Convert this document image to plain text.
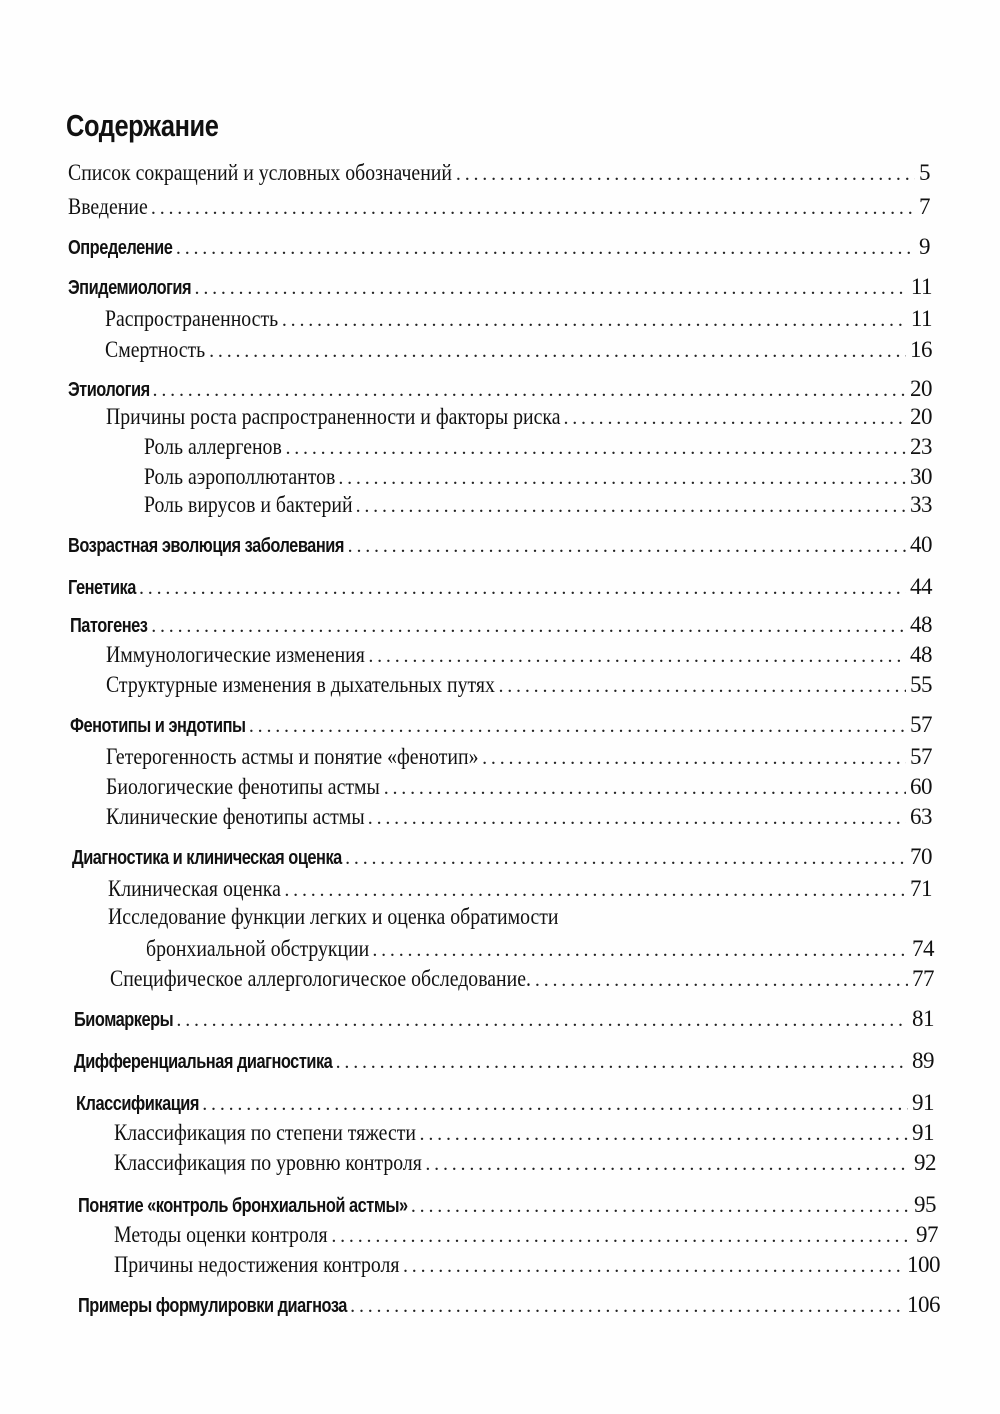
Содержание
Список сокращений и условных обозначений . . .	5
Введение . . .	7
Определение . . .	9
Эпидемиология . . .	11
Распространенность . . .	11
Смертность . . .	16
Этиология . . .	20
Причины роста распространенности и факторы риска . . .	20
Роль аллергенов . . .	23
Роль аэрополлютантов . . .	30
Роль вирусов и бактерий . . .	33
Возрастная эволюция заболевания . . .	40
Генетика . . .	44
Патогенез . . .	48
Иммунологические изменения . . .	48
Структурные изменения в дыхательных путях . . .	55
Фенотипы и эндотипы . . .	57
Гетерогенность астмы и понятие «фенотип» . . .	57
Биологические фенотипы астмы . . .	60
Клинические фенотипы астмы . . .	63
Диагностика и клиническая оценка . . .	70
Клиническая оценка . . .	71
Исследование функции легких и оценка обратимости
бронхиальной обструкции . . .	74
Специфическое аллергологическое обследование. . . .	77
Биомаркеры . . .	81
Дифференциальная диагностика . . .	89
Классификация . . .	91
Классификация по степени тяжести . . .	91
Классификация по уровню контроля . . .	92
Понятие «контроль бронхиальной астмы» . . .	95
Методы оценки контроля . . .	97
Причины недостижения контроля . . .	100
Примеры формулировки диагноза . . .	106
